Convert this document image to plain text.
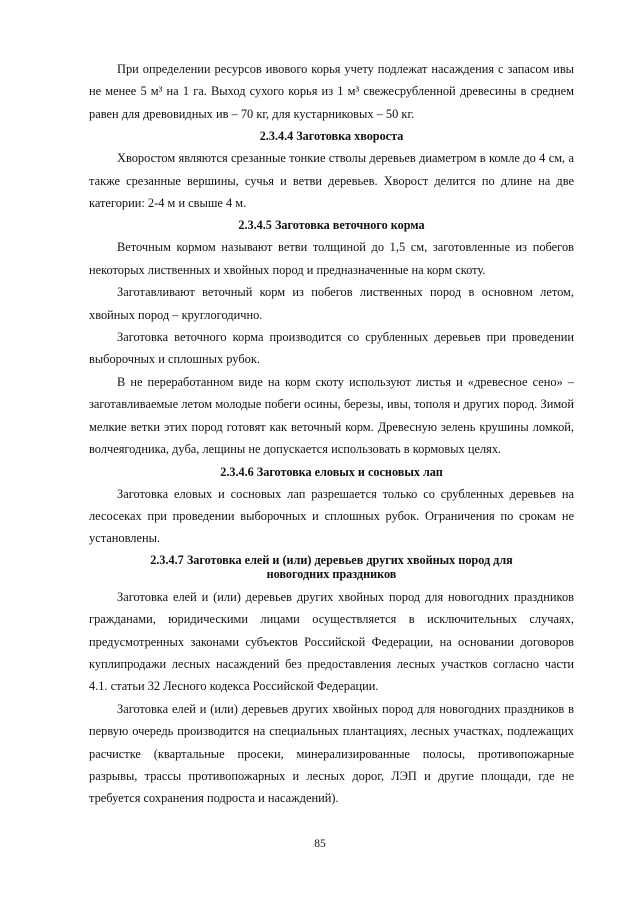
При определении ресурсов ивового корья учету подлежат насаждения с запасом ивы не менее 5 м³ на 1 га. Выход сухого корья из 1 м³ свежесрубленной древесины в среднем равен для древовидных ив – 70 кг, для кустарниковых – 50 кг.

2.3.4.4 Заготовка хвороста

Хворостом являются срезанные тонкие стволы деревьев диаметром в комле до 4 см, а также срезанные вершины, сучья и ветви деревьев. Хворост делится по длине на две категории: 2-4 м и свыше 4 м.

2.3.4.5 Заготовка веточного корма

Веточным кормом называют ветви толщиной до 1,5 см, заготовленные из побегов некоторых лиственных и хвойных пород и предназначенные на корм скоту.

Заготавливают веточный корм из побегов лиственных пород в основном летом, хвойных пород – круглогодично.

Заготовка веточного корма производится со срубленных деревьев при проведении выборочных и сплошных рубок.

В не переработанном виде на корм скоту используют листья и «древесное сено» – заготавливаемые летом молодые побеги осины, березы, ивы, тополя и других пород. Зимой мелкие ветки этих пород готовят как веточный корм. Древесную зелень крушины ломкой, волчеягодника, дуба, лещины не допускается использовать в кормовых целях.

2.3.4.6 Заготовка еловых и сосновых лап

Заготовка еловых и сосновых лап разрешается только со срубленных деревьев на лесосеках при проведении выборочных и сплошных рубок. Ограничения по срокам не установлены.

2.3.4.7 Заготовка елей и (или) деревьев других хвойных пород для
новогодних праздников

Заготовка елей и (или) деревьев других хвойных пород для новогодних праздников гражданами, юридическими лицами осуществляется в исключительных случаях, предусмотренных законами субъектов Российской Федерации, на основании договоров куплипродажи лесных насаждений без предоставления лесных участков согласно части 4.1. статьи 32 Лесного кодекса Российской Федерации.

Заготовка елей и (или) деревьев других хвойных пород для новогодних праздников в первую очередь производится на специальных плантациях, лесных участках, подлежащих расчистке (квартальные просеки, минерализированные полосы, противопожарные разрывы, трассы противопожарных и лесных дорог, ЛЭП и другие площади, где не требуется сохранения подроста и насаждений).

85
